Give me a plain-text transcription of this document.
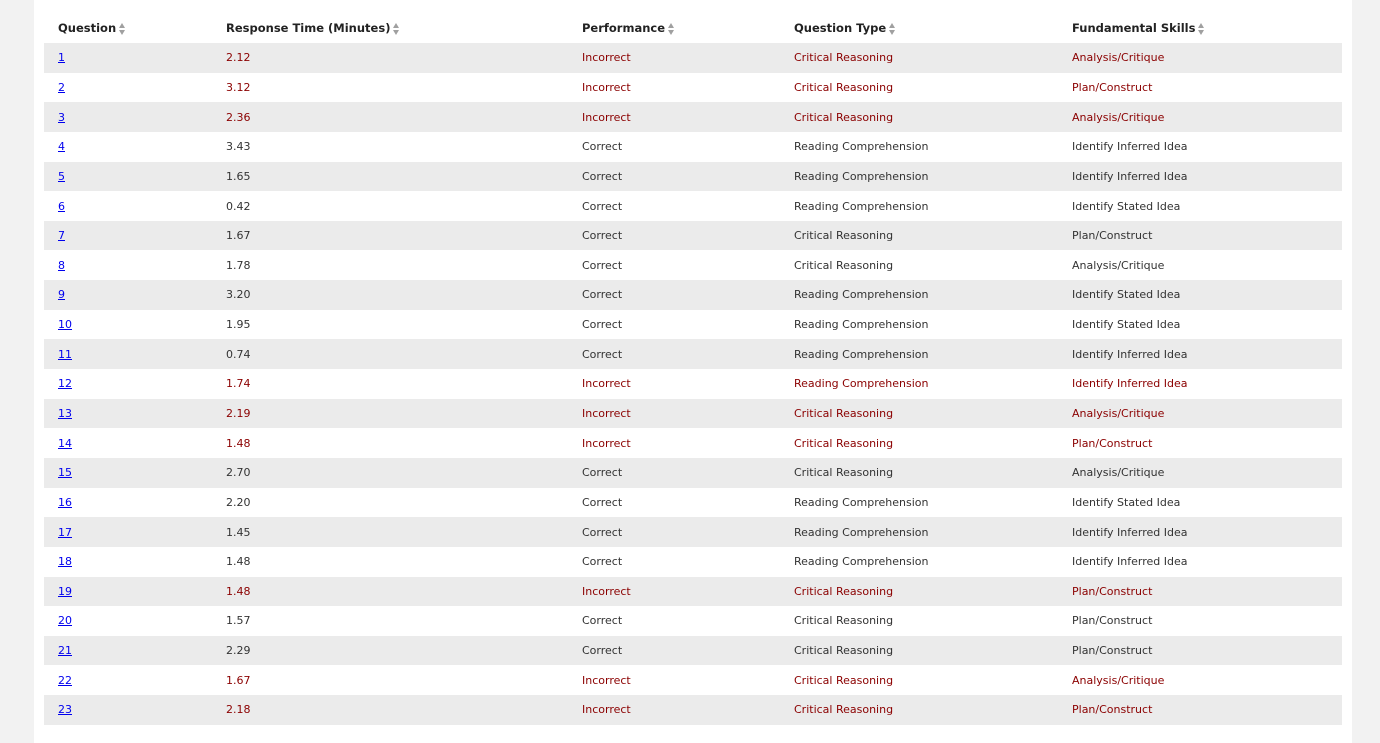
Question	Response Time (Minutes)	Performance	Question Type	Fundamental Skills

1	2.12	Incorrect	Critical Reasoning	Analysis/Critique
2	3.12	Incorrect	Critical Reasoning	Plan/Construct
3	2.36	Incorrect	Critical Reasoning	Analysis/Critique
4	3.43	Correct	Reading Comprehension	Identify Inferred Idea
5	1.65	Correct	Reading Comprehension	Identify Inferred Idea
6	0.42	Correct	Reading Comprehension	Identify Stated Idea
7	1.67	Correct	Critical Reasoning	Plan/Construct
8	1.78	Correct	Critical Reasoning	Analysis/Critique
9	3.20	Correct	Reading Comprehension	Identify Stated Idea
10	1.95	Correct	Reading Comprehension	Identify Stated Idea
11	0.74	Correct	Reading Comprehension	Identify Inferred Idea
12	1.74	Incorrect	Reading Comprehension	Identify Inferred Idea
13	2.19	Incorrect	Critical Reasoning	Analysis/Critique
14	1.48	Incorrect	Critical Reasoning	Plan/Construct
15	2.70	Correct	Critical Reasoning	Analysis/Critique
16	2.20	Correct	Reading Comprehension	Identify Stated Idea
17	1.45	Correct	Reading Comprehension	Identify Inferred Idea
18	1.48	Correct	Reading Comprehension	Identify Inferred Idea
19	1.48	Incorrect	Critical Reasoning	Plan/Construct
20	1.57	Correct	Critical Reasoning	Plan/Construct
21	2.29	Correct	Critical Reasoning	Plan/Construct
22	1.67	Incorrect	Critical Reasoning	Analysis/Critique
23	2.18	Incorrect	Critical Reasoning	Plan/Construct
